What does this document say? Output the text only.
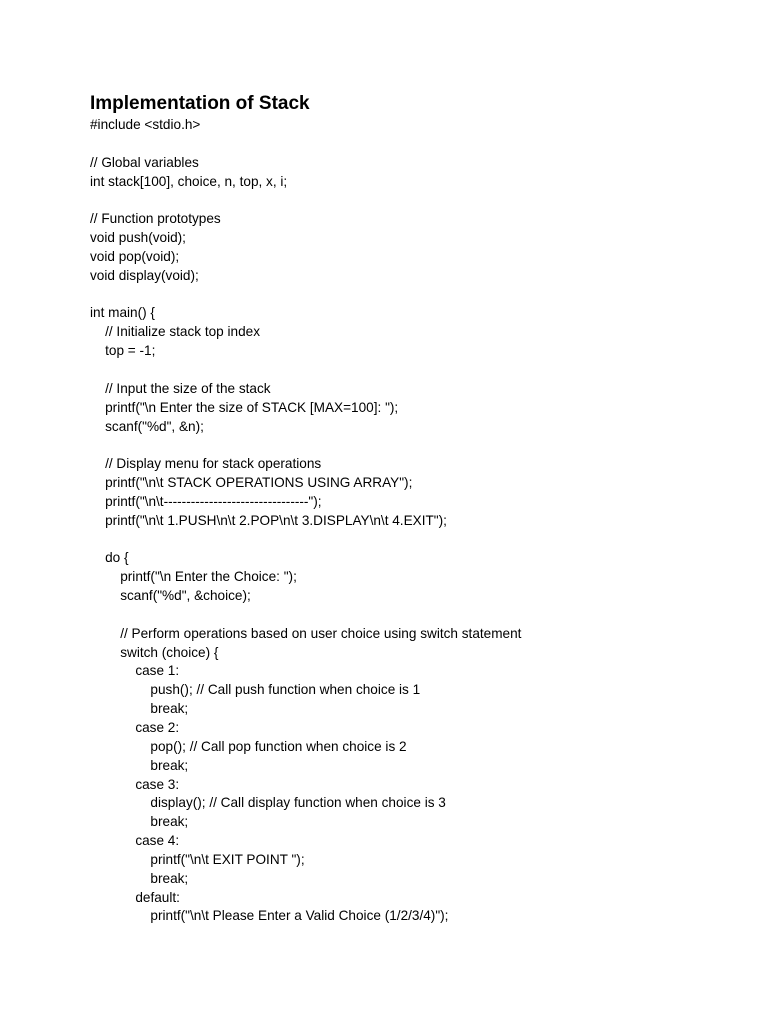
Implementation of Stack
#include <stdio.h>
// Global variables
int stack[100], choice, n, top, x, i;
// Function prototypes
void push(void);
void pop(void);
void display(void);
int main() {
// Initialize stack top index
top = -1;
// Input the size of the stack
printf("\n Enter the size of STACK [MAX=100]: ");
scanf("%d", &n);
// Display menu for stack operations
printf("\n\t STACK OPERATIONS USING ARRAY");
printf("\n\t--------------------------------");
printf("\n\t 1.PUSH\n\t 2.POP\n\t 3.DISPLAY\n\t 4.EXIT");
do {
printf("\n Enter the Choice: ");
scanf("%d", &choice);
// Perform operations based on user choice using switch statement
switch (choice) {
case 1:
push(); // Call push function when choice is 1
break;
case 2:
pop(); // Call pop function when choice is 2
break;
case 3:
display(); // Call display function when choice is 3
break;
case 4:
printf("\n\t EXIT POINT ");
break;
default:
printf("\n\t Please Enter a Valid Choice (1/2/3/4)");
